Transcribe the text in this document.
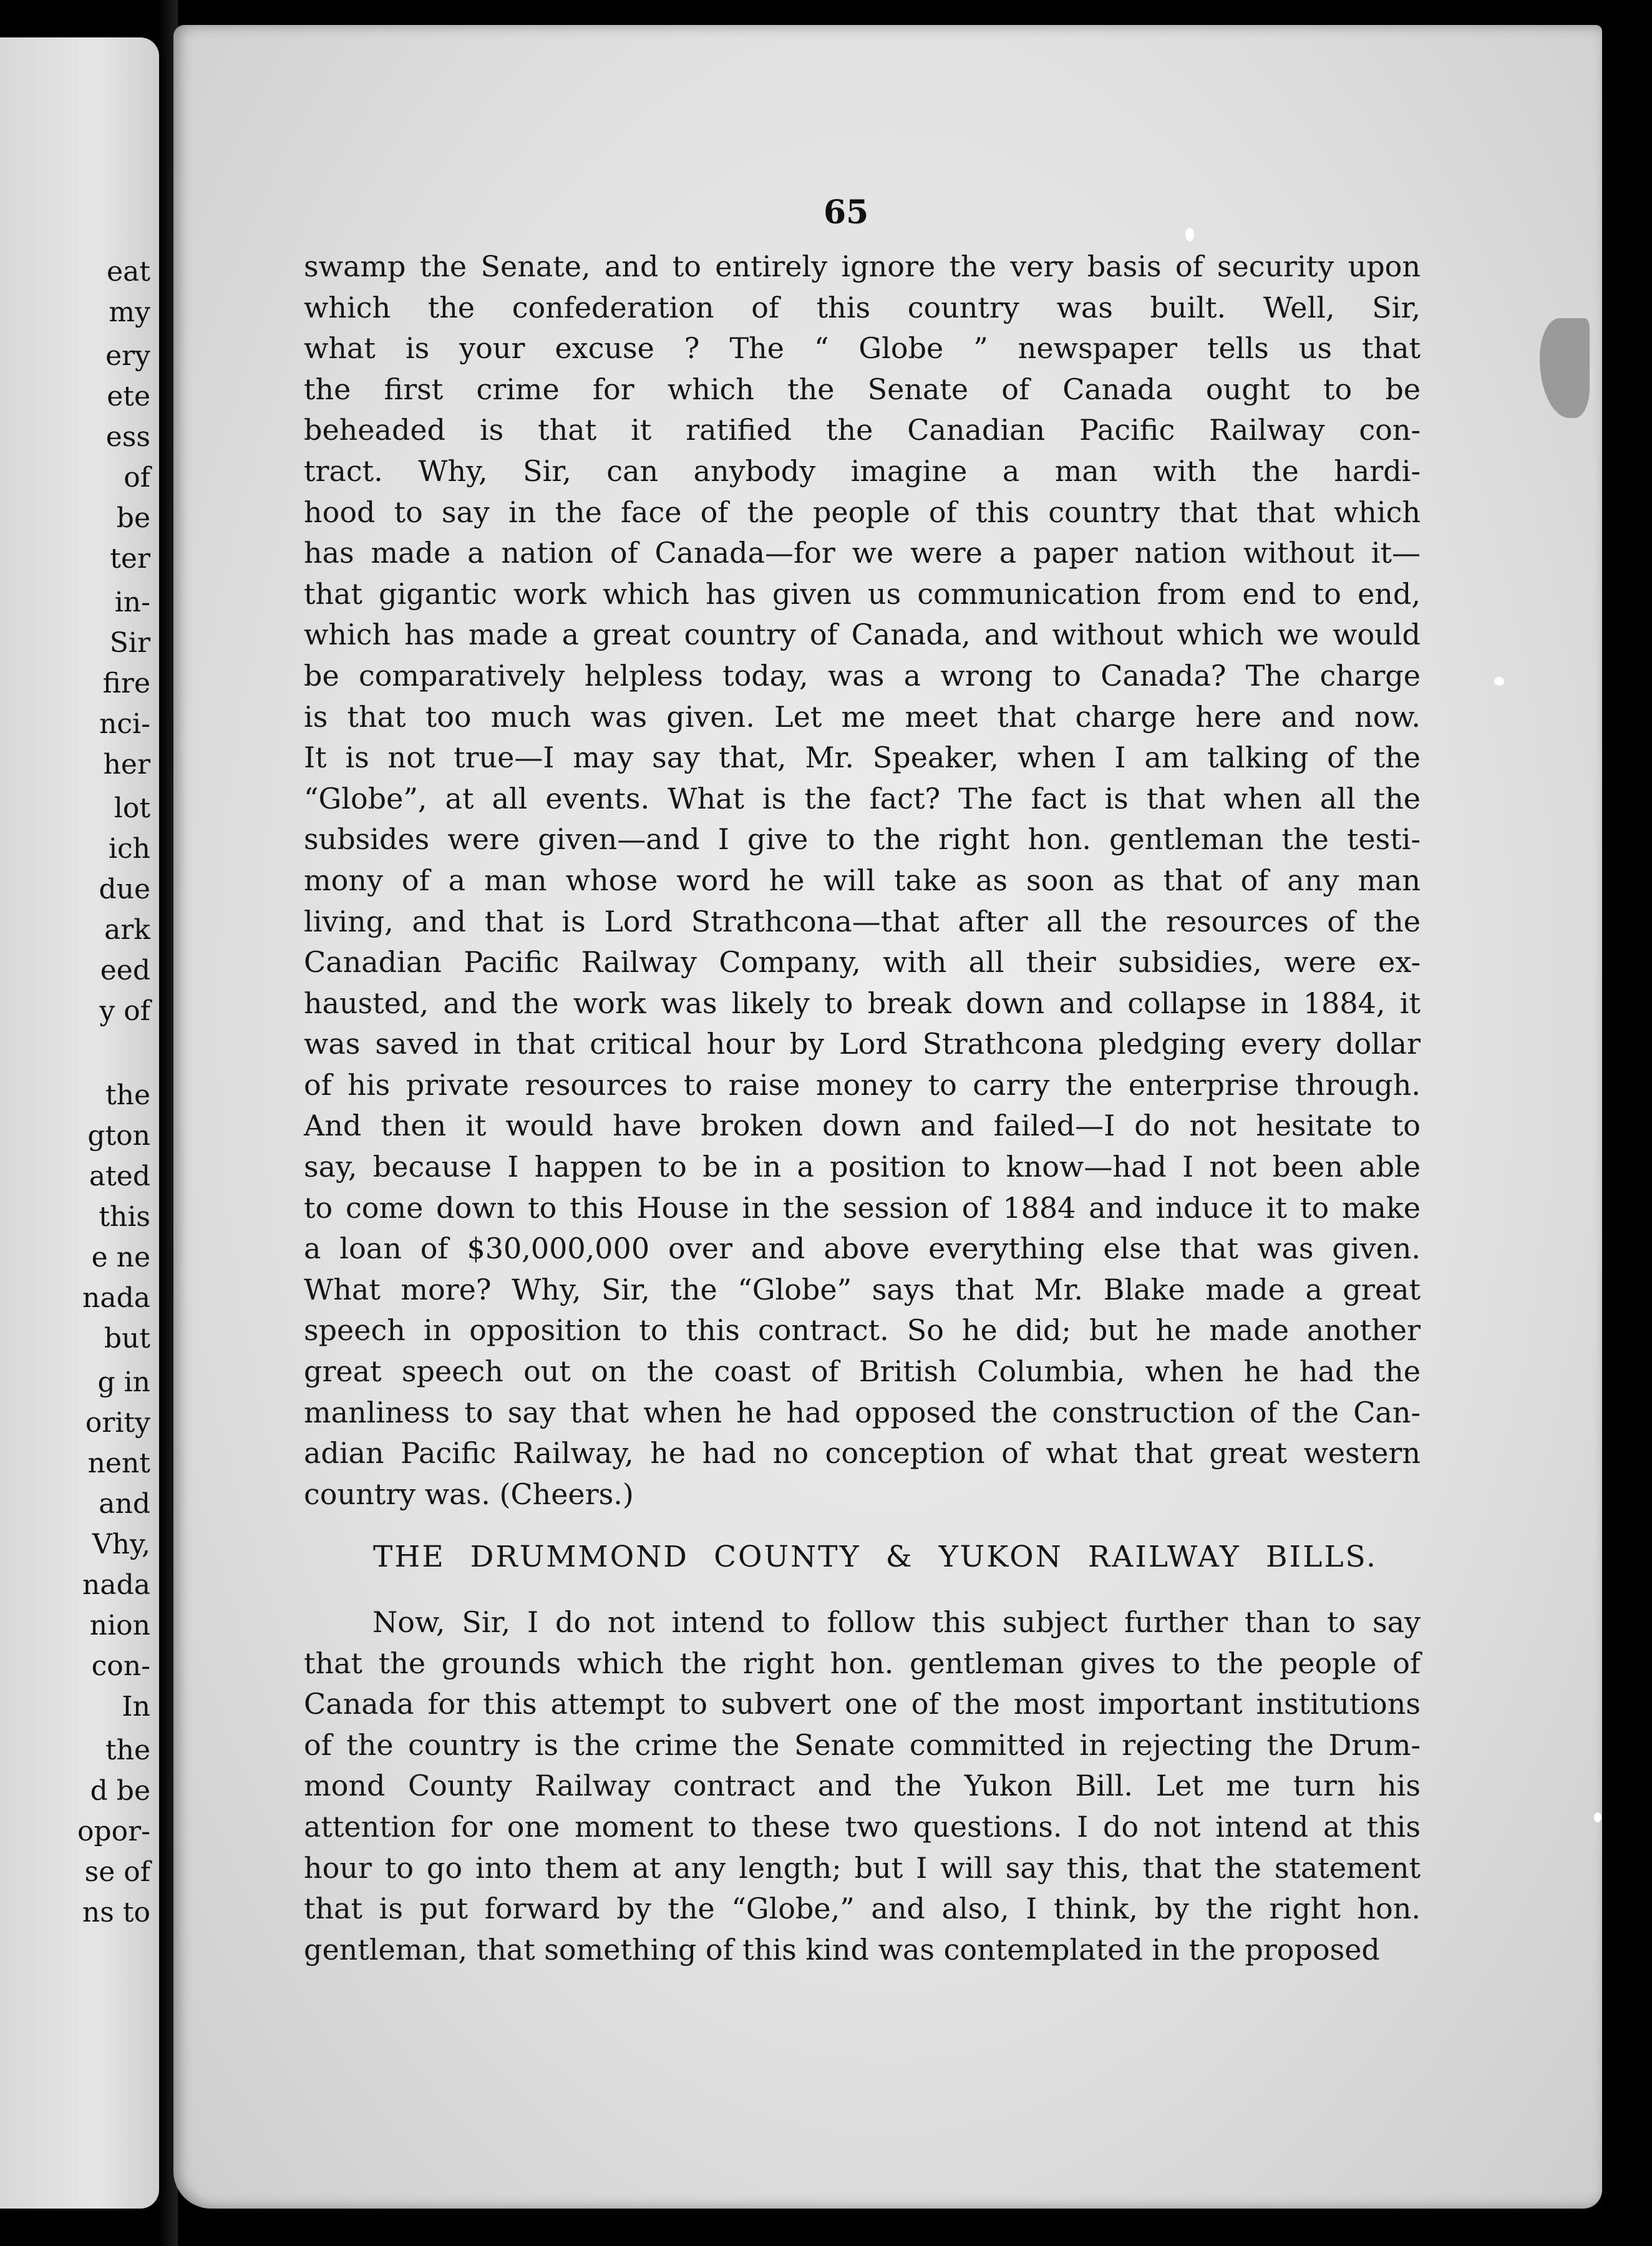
eat
my
ery
ete
ess
of
be
ter
in-
Sir
fire
nci-
her
lot
ich
due
ark
eed
y of
the
gton
ated
this
e ne
nada
but
g in
ority
nent
and
Vhy,
nada
nion
con-
In
the
d be
opor-
se of
ns to
65
swamp the Senate, and to entirely ignore the very basis of security upon
which the confederation of this country was built. Well, Sir,
what is your excuse ? The “ Globe ” newspaper tells us that
the first crime for which the Senate of Canada ought to be
beheaded is that it ratified the Canadian Pacific Railway con-
tract. Why, Sir, can anybody imagine a man with the hardi-
hood to say in the face of the people of this country that that which
has made a nation of Canada—for we were a paper nation without it—
that gigantic work which has given us communication from end to end,
which has made a great country of Canada, and without which we would
be comparatively helpless today, was a wrong to Canada? The charge
is that too much was given. Let me meet that charge here and now.
It is not true—I may say that, Mr. Speaker, when I am talking of the
“Globe”, at all events. What is the fact? The fact is that when all the
subsides were given—and I give to the right hon. gentleman the testi-
mony of a man whose word he will take as soon as that of any man
living, and that is Lord Strathcona—that after all the resources of the
Canadian Pacific Railway Company, with all their subsidies, were ex-
hausted, and the work was likely to break down and collapse in 1884, it
was saved in that critical hour by Lord Strathcona pledging every dollar
of his private resources to raise money to carry the enterprise through.
And then it would have broken down and failed—I do not hesitate to
say, because I happen to be in a position to know—had I not been able
to come down to this House in the session of 1884 and induce it to make
a loan of $30,000,000 over and above everything else that was given.
What more? Why, Sir, the “Globe” says that Mr. Blake made a great
speech in opposition to this contract. So he did; but he made another
great speech out on the coast of British Columbia, when he had the
manliness to say that when he had opposed the construction of the Can-
adian Pacific Railway, he had no conception of what that great western
country was. (Cheers.)
THE DRUMMOND COUNTY & YUKON RAILWAY BILLS.
Now, Sir, I do not intend to follow this subject further than to say
that the grounds which the right hon. gentleman gives to the people of
Canada for this attempt to subvert one of the most important institutions
of the country is the crime the Senate committed in rejecting the Drum-
mond County Railway contract and the Yukon Bill. Let me turn his
attention for one moment to these two questions. I do not intend at this
hour to go into them at any length; but I will say this, that the statement
that is put forward by the “Globe,” and also, I think, by the right hon.
gentleman, that something of this kind was contemplated in the proposed
